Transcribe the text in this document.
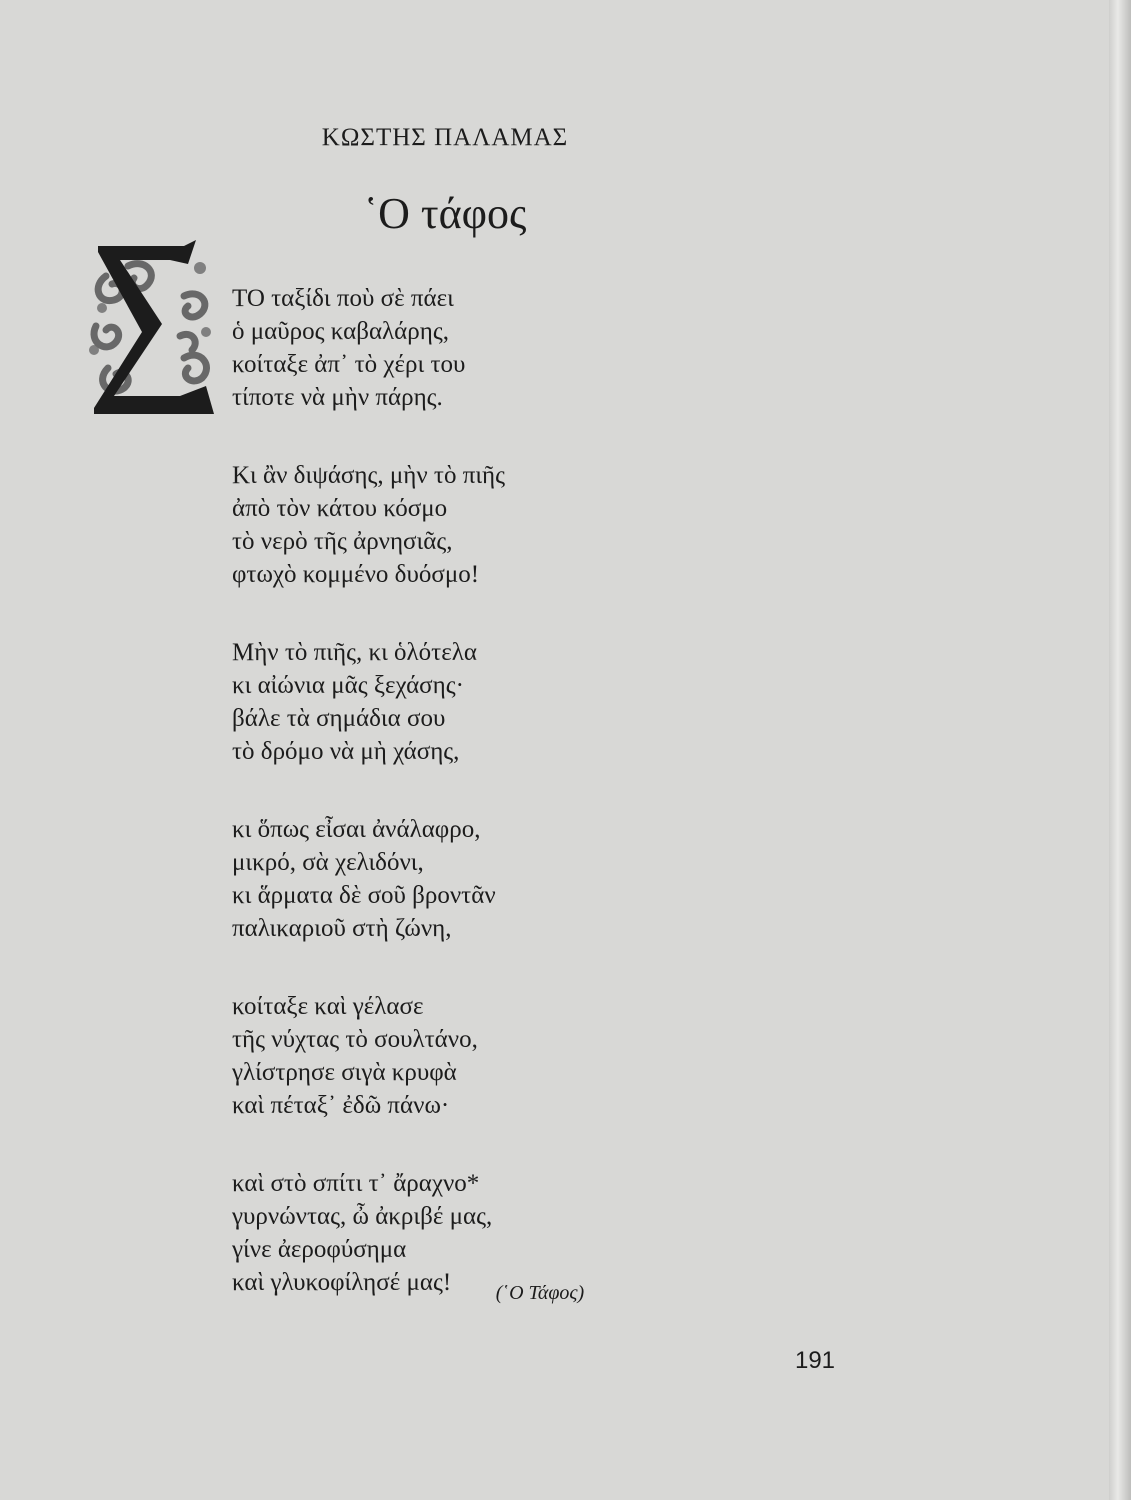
ΚΩΣΤΗΣ ΠΑΛΑΜΑΣ
῾Ο τάφος
ΤΟ ταξίδι ποὺ σὲ πάει
ὁ μαῦρος καβαλάρης,
κοίταξε ἀπ᾽ τὸ χέρι του
τίποτε νὰ μὴν πάρης.
Κι ἂν διψάσης, μὴν τὸ πιῆς
ἀπὸ τὸν κάτου κόσμο
τὸ νερὸ τῆς ἀρνησιᾶς,
φτωχὸ κομμένο δυόσμο!
Μὴν τὸ πιῆς, κι ὁλότελα
κι αἰώνια μᾶς ξεχάσης·
βάλε τὰ σημάδια σου
τὸ δρόμο νὰ μὴ χάσης,
κι ὅπως εἶσαι ἀνάλαφρο,
μικρό, σὰ χελιδόνι,
κι ἅρματα δὲ σοῦ βροντᾶν
παλικαριοῦ στὴ ζώνη,
κοίταξε καὶ γέλασε
τῆς νύχτας τὸ σουλτάνο,
γλίστρησε σιγὰ κρυφὰ
καὶ πέταξ᾽ ἐδῶ πάνω·
καὶ στὸ σπίτι τ᾽ ἄραχνο*
γυρνώντας, ὦ ἀκριβέ μας,
γίνε ἀεροφύσημα
καὶ γλυκοφίλησέ μας!	(῾Ο Τάφος)
191
